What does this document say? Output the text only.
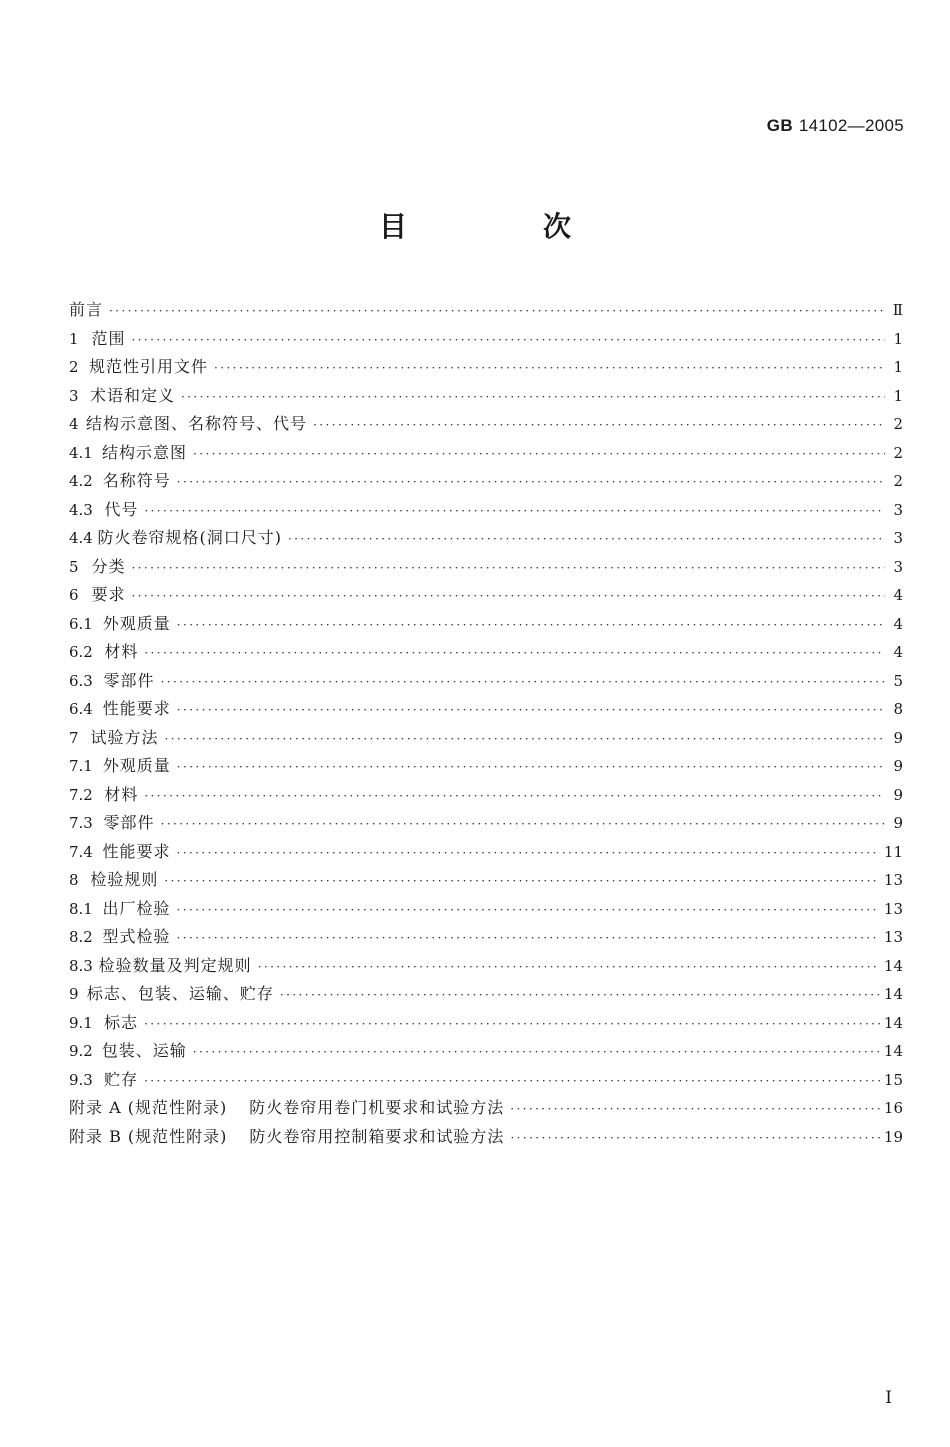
GB 14102—2005
目　次
前言 ·····	Ⅱ
1 范围 ·····	1
2 规范性引用文件 ·····	1
3 术语和定义 ·····	1
4 结构示意图、名称符号、代号 ·····	2
4.1 结构示意图 ·····	2
4.2 名称符号 ·····	2
4.3 代号 ·····	3
4.4 防火卷帘规格(洞口尺寸) ·····	3
5 分类 ·····	3
6 要求 ·····	4
6.1 外观质量 ·····	4
6.2 材料 ·····	4
6.3 零部件 ·····	5
6.4 性能要求 ·····	8
7 试验方法 ·····	9
7.1 外观质量 ·····	9
7.2 材料 ·····	9
7.3 零部件 ·····	9
7.4 性能要求 ·····	11
8 检验规则 ·····	13
8.1 出厂检验 ·····	13
8.2 型式检验 ·····	13
8.3 检验数量及判定规则 ·····	14
9 标志、包装、运输、贮存 ·····	14
9.1 标志 ·····	14
9.2 包装、运输 ·····	14
9.3 贮存 ·····	15
附录 A (规范性附录) 防火卷帘用卷门机要求和试验方法 ·····	16
附录 B (规范性附录) 防火卷帘用控制箱要求和试验方法 ·····	19
Ⅰ
